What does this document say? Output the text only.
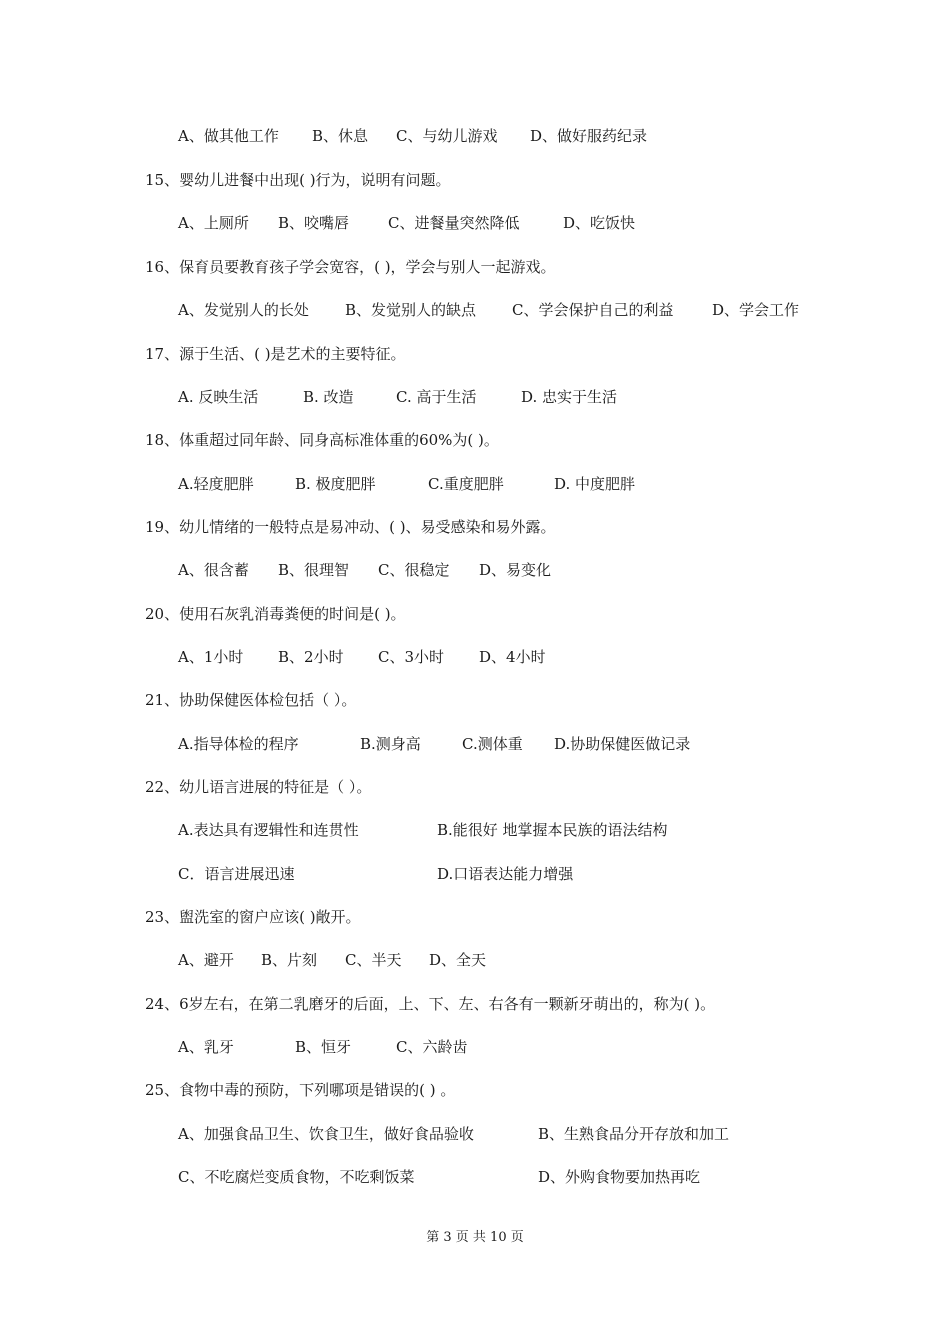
A、做其他工作 B、休息 C、与幼儿游戏 D、做好服药纪录
15、婴幼儿进餐中出现( )行为，说明有问题。
A、上厕所 B、咬嘴唇	C、进餐量突然降低	D、吃饭快
16、保育员要教育孩子学会宽容，( )，学会与别人一起游戏。
A、发觉别人的长处 B、发觉别人的缺点 C、学会保护自己的利益	D、学会工作
17、源于生活、( )是艺术的主要特征。
A. 反映生活	B. 改造	C. 高于生活	D. 忠实于生活
18、体重超过同年龄、同身高标准体重的60%为( )。
A.轻度肥胖	B. 极度肥胖	C.重度肥胖	D. 中度肥胖
19、幼儿情绪的一般特点是易冲动、( )、易受感染和易外露。
A、很含蓄 B、很理智 C、很稳定 D、易变化
20、使用石灰乳消毒粪便的时间是( )。
A、1小时 B、2小时 C、3小时 D、4小时
21、协助保健医体检包括（ ）。
A.指导体检的程序	B.测身高	C.测体重 D.协助保健医做记录
22、幼儿语言进展的特征是（ ）。
A.表达具有逻辑性和连贯性	B.能很好 地掌握本民族的语法结构
C．语言进展迅速	D.口语表达能力增强
23、盥洗室的窗户应该( )敞开。
A、避开 B、片刻 C、半天 D、全天
24、6岁左右，在第二乳磨牙的后面，上、下、左、右各有一颗新牙萌出的，称为( )。
A、乳牙	B、恒牙	C、六龄齿
25、食物中毒的预防，下列哪项是错误的( ) 。
A、加强食品卫生、饮食卫生，做好食品验收	B、生熟食品分开存放和加工
C、不吃腐烂变质食物，不吃剩饭菜	D、外购食物要加热再吃
第 3 页 共 10 页
